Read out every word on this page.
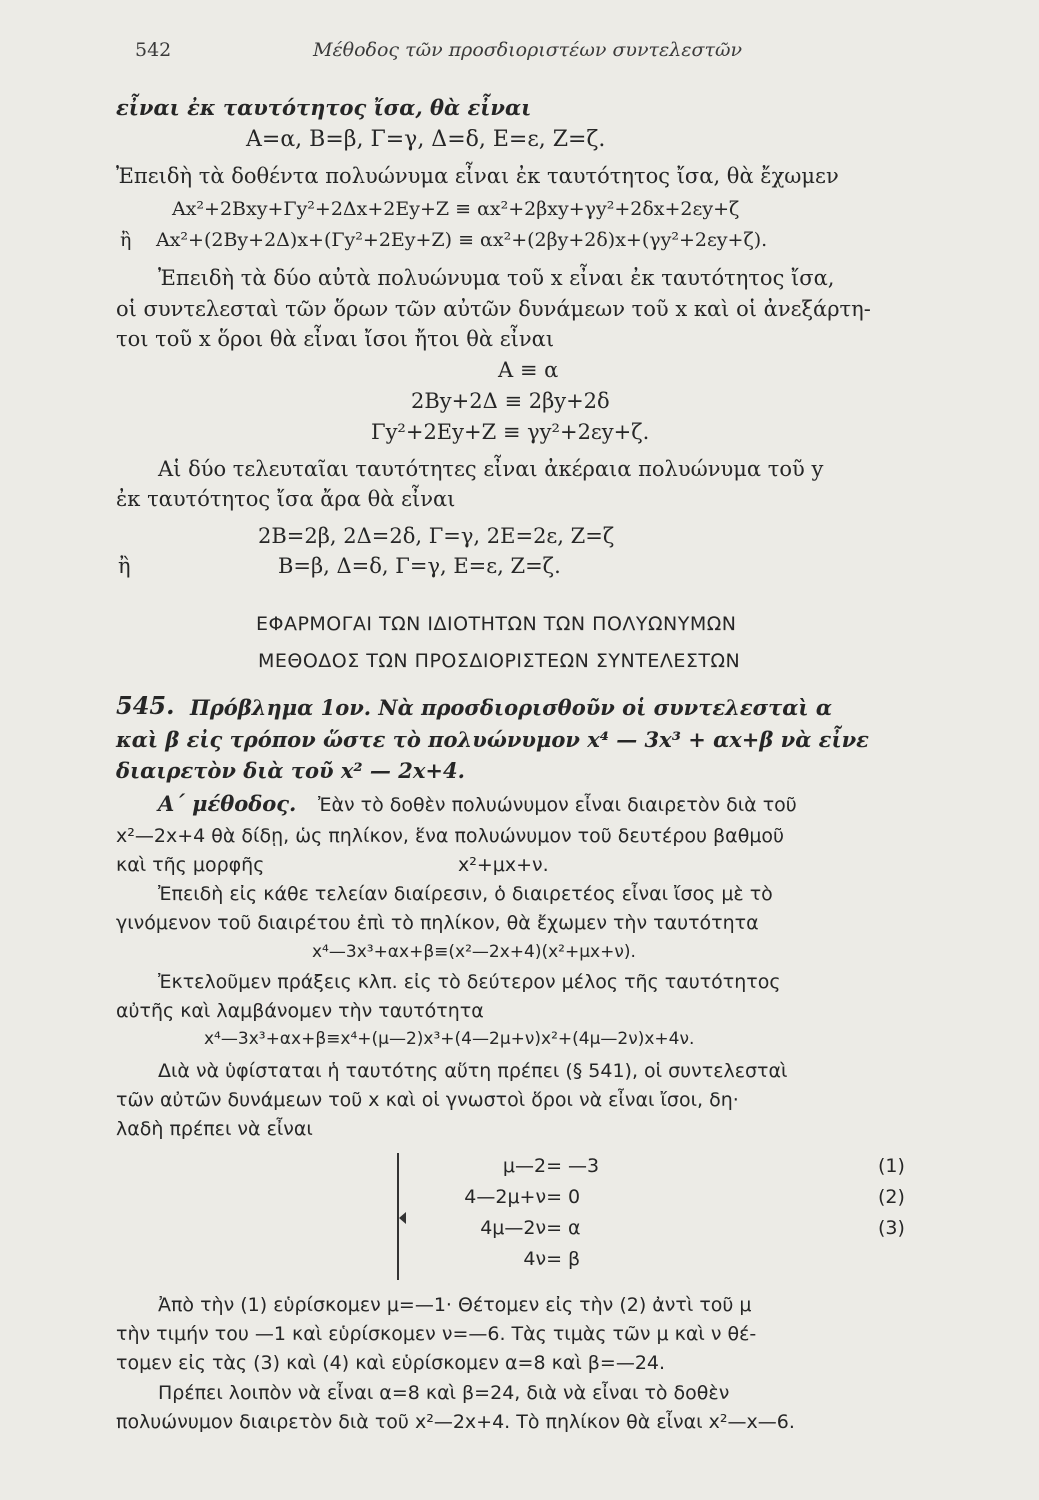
542	Μέθοδος τῶν προσδιοριστέων συντελεστῶν
εἶναι ἐκ ταυτότητος ἴσα, θὰ εἶναι
A=α, B=β, Γ=γ, Δ=δ, E=ε, Z=ζ.
Ἐπειδὴ τὰ δοθέντα πολυώνυμα εἶναι ἐκ ταυτότητος ἴσα, θὰ ἔχωμεν
Ax²+2Bxy+Γy²+2Δx+2Ey+Z ≡ αx²+2βxy+γy²+2δx+2εy+ζ
ἢ Ax²+(2By+2Δ)x+(Γy²+2Ey+Z) ≡ αx²+(2βy+2δ)x+(γy²+2εy+ζ).
Ἐπειδὴ τὰ δύο αὐτὰ πολυώνυμα τοῦ x εἶναι ἐκ ταυτότητος ἴσα,
οἱ συντελεσταὶ τῶν ὅρων τῶν αὐτῶν δυνάμεων τοῦ x καὶ οἱ ἀνεξάρτη-
τοι τοῦ x ὅροι θὰ εἶναι ἴσοι ἤτοι θὰ εἶναι
A ≡ α
2By+2Δ ≡ 2βy+2δ
Γy²+2Ey+Z ≡ γy²+2εy+ζ.
Αἱ δύο τελευταῖαι ταυτότητες εἶναι ἀκέραια πολυώνυμα τοῦ y
ἐκ ταυτότητος ἴσα ἄρα θὰ εἶναι
2B=2β, 2Δ=2δ, Γ=γ, 2E=2ε, Z=ζ
ἢ	B=β, Δ=δ, Γ=γ, E=ε, Z=ζ.
ΕΦΑΡΜΟΓΑΙ ΤΩΝ ΙΔΙΟΤΗΤΩΝ ΤΩΝ ΠΟΛΥΩΝΥΜΩΝ
ΜΕΘΟΔΟΣ ΤΩΝ ΠΡΟΣΔΙΟΡΙΣΤΕΩΝ ΣΥΝΤΕΛΕΣΤΩΝ
545. Πρόβλημα 1ον. Νὰ προσδιορισθοῦν οἱ συντελεσταὶ α
καὶ β εἰς τρόπον ὥστε τὸ πολυώνυμον x⁴ — 3x³ + αx+β νὰ εἶνε
διαιρετὸν διὰ τοῦ x² — 2x+4.
Α΄ μέθοδος. Ἐὰν τὸ δοθὲν πολυώνυμον εἶναι διαιρετὸν διὰ τοῦ
x²—2x+4 θὰ δίδῃ, ὡς πηλίκον, ἕνα πολυώνυμον τοῦ δευτέρου βαθμοῦ
καὶ τῆς μορφῆς	x²+μx+ν.
Ἐπειδὴ εἰς κάθε τελείαν διαίρεσιν, ὁ διαιρετέος εἶναι ἴσος μὲ τὸ
γινόμενον τοῦ διαιρέτου ἐπὶ τὸ πηλίκον, θὰ ἔχωμεν τὴν ταυτότητα
x⁴—3x³+αx+β≡(x²—2x+4)(x²+μx+ν).
Ἐκτελοῦμεν πράξεις κλπ. εἰς τὸ δεύτερον μέλος τῆς ταυτότητος
αὐτῆς καὶ λαμβάνομεν τὴν ταυτότητα
x⁴—3x³+αx+β≡x⁴+(μ—2)x³+(4—2μ+ν)x²+(4μ—2ν)x+4ν.
Διὰ νὰ ὑφίσταται ἡ ταυτότης αὕτη πρέπει (§ 541), οἱ συντελεσταὶ
τῶν αὐτῶν δυνάμεων τοῦ x καὶ οἱ γνωστοὶ ὅροι νὰ εἶναι ἴσοι, δη·
λαδὴ πρέπει νὰ εἶναι
μ—2= —3	(1)
4—2μ+ν= 0	(2)
4μ—2ν= α	(3)
4ν= β
Ἀπὸ τὴν (1) εὑρίσκομεν μ=—1· Θέτομεν εἰς τὴν (2) ἀντὶ τοῦ μ
τὴν τιμήν του —1 καὶ εὑρίσκομεν ν=—6. Τὰς τιμὰς τῶν μ καὶ ν θέ-
τομεν εἰς τὰς (3) καὶ (4) καὶ εὑρίσκομεν α=8 καὶ β=—24.
Πρέπει λοιπὸν νὰ εἶναι α=8 καὶ β=24, διὰ νὰ εἶναι τὸ δοθὲν
πολυώνυμον διαιρετὸν διὰ τοῦ x²—2x+4. Τὸ πηλίκον θὰ εἶναι x²—x—6.
